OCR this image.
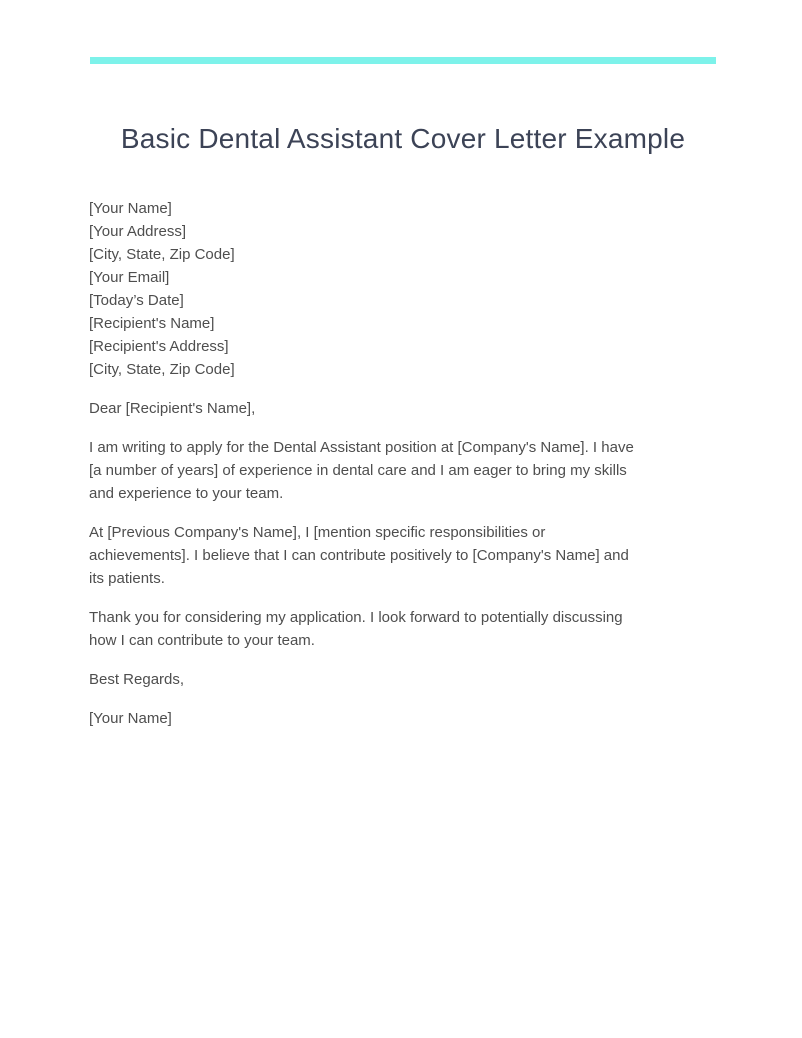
Basic Dental Assistant Cover Letter Example
[Your Name]
[Your Address]
[City, State, Zip Code]
[Your Email]
[Today’s Date]
[Recipient's Name]
[Recipient's Address]
[City, State, Zip Code]
Dear [Recipient's Name],
I am writing to apply for the Dental Assistant position at [Company's Name]. I have
[a number of years] of experience in dental care and I am eager to bring my skills
and experience to your team.
At [Previous Company's Name], I [mention specific responsibilities or
achievements]. I believe that I can contribute positively to [Company's Name] and
its patients.
Thank you for considering my application. I look forward to potentially discussing
how I can contribute to your team.
Best Regards,
[Your Name]
